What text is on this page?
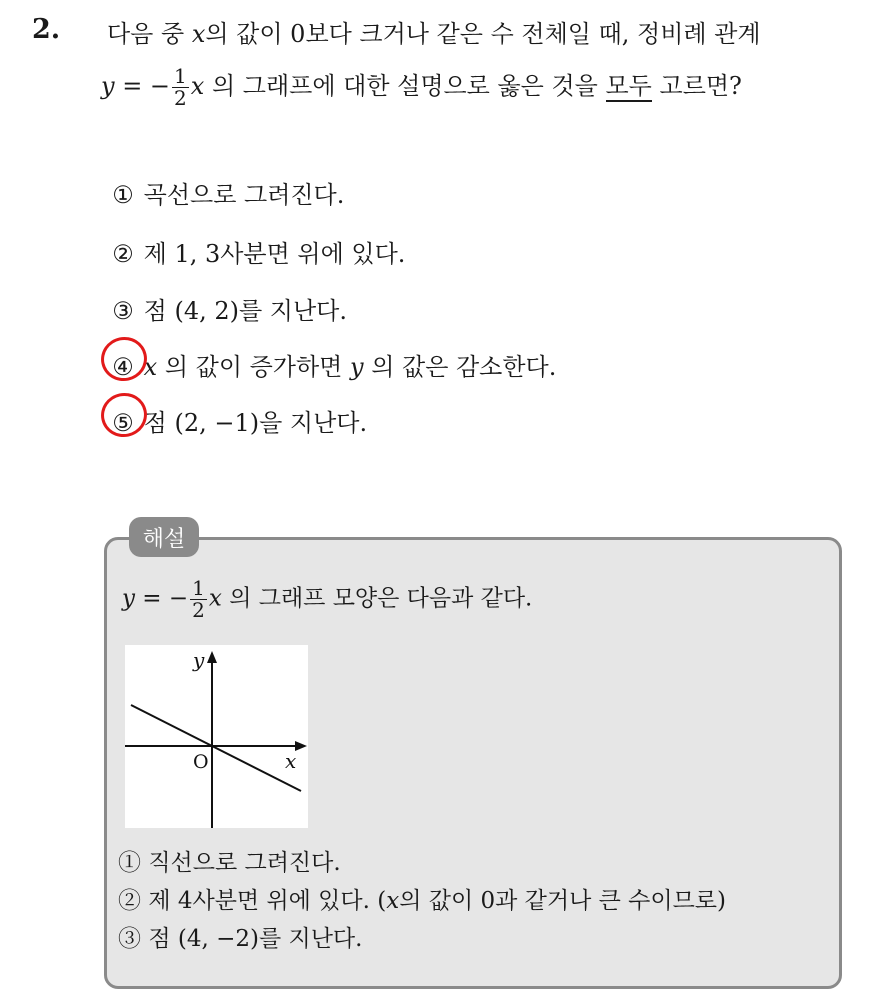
2. 다음 중 x의 값이 0보다 크거나 같은 수 전체일 때, 정비례 관계
y = − $\frac{1}{2}$ x 의 그래프에 대한 설명으로 옳은 것을 모두 고르면?
① 곡선으로 그려진다.
② 제 1, 3사분면 위에 있다.
③ 점 (4, 2)를 지난다.
④ x 의 값이 증가하면 y 의 값은 감소한다.
⑤ 점 (2, −1)을 지난다.
해설
y = − $\frac{1}{2}$ x 의 그래프 모양은 다음과 같다.
y
x
O
① 직선으로 그려진다.
② 제 4사분면 위에 있다. (x의 값이 0과 같거나 큰 수이므로)
③ 점 (4, −2)를 지난다.
